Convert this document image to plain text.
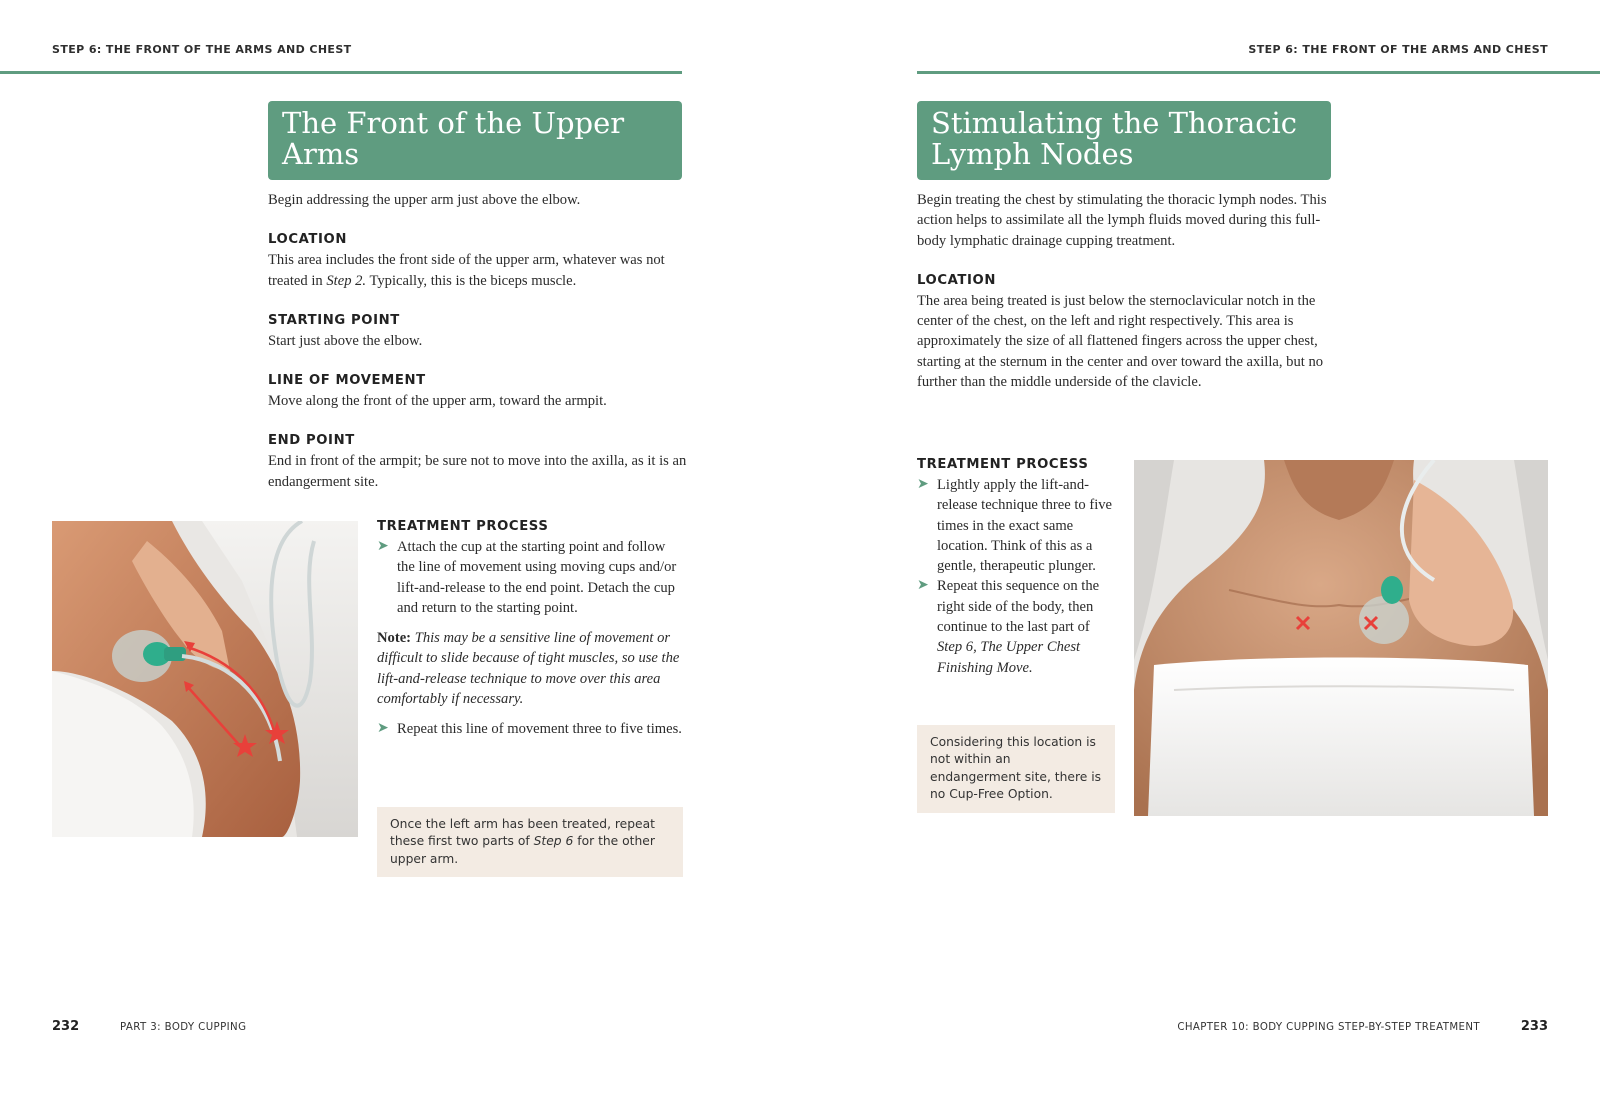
STEP 6: THE FRONT OF THE ARMS AND CHEST	STEP 6: THE FRONT OF THE ARMS AND CHEST
The Front of the Upper Arms

Begin addressing the upper arm just above the elbow.

LOCATION

This area includes the front side of the upper arm, whatever was not treated in Step 2. Typically, this is the biceps muscle.

STARTING POINT

Start just above the elbow.

LINE OF MOVEMENT

Move along the front of the upper arm, toward the armpit.

END POINT

End in front of the armpit; be sure not to move into the axilla, as it is an endangerment site.

TREATMENT PROCESS
➤ Attach the cup at the starting point and follow the line of movement using moving cups and/or lift-and-release to the end point. Detach the cup and return to the starting point.

Note: This may be a sensitive line of movement or difficult to slide because of tight muscles, so use the lift-and-release technique to move over this area comfortably if necessary.

➤ Repeat this line of movement three to five times.
Once the left arm has been treated, repeat these first two parts of Step 6 for the other upper arm.
Stimulating the Thoracic Lymph Nodes

Begin treating the chest by stimulating the thoracic lymph nodes. This action helps to assimilate all the lymph fluids moved during this full-body lymphatic drainage cupping treatment.

LOCATION

The area being treated is just below the sternoclavicular notch in the center of the chest, on the left and right respectively. This area is approximately the size of all flattened fingers across the upper chest, starting at the sternum in the center and over toward the axilla, but no further than the middle underside of the clavicle.

TREATMENT PROCESS
➤ Lightly apply the lift-and-release technique three to five times in the exact same location. Think of this as a gentle, therapeutic plunger.
➤ Repeat this sequence on the right side of the body, then continue to the last part of Step 6, The Upper Chest Finishing Move.
Considering this location is not within an endangerment site, there is no Cup-Free Option.
232	PART 3: BODY CUPPING	CHAPTER 10: BODY CUPPING STEP-BY-STEP TREATMENT	233
